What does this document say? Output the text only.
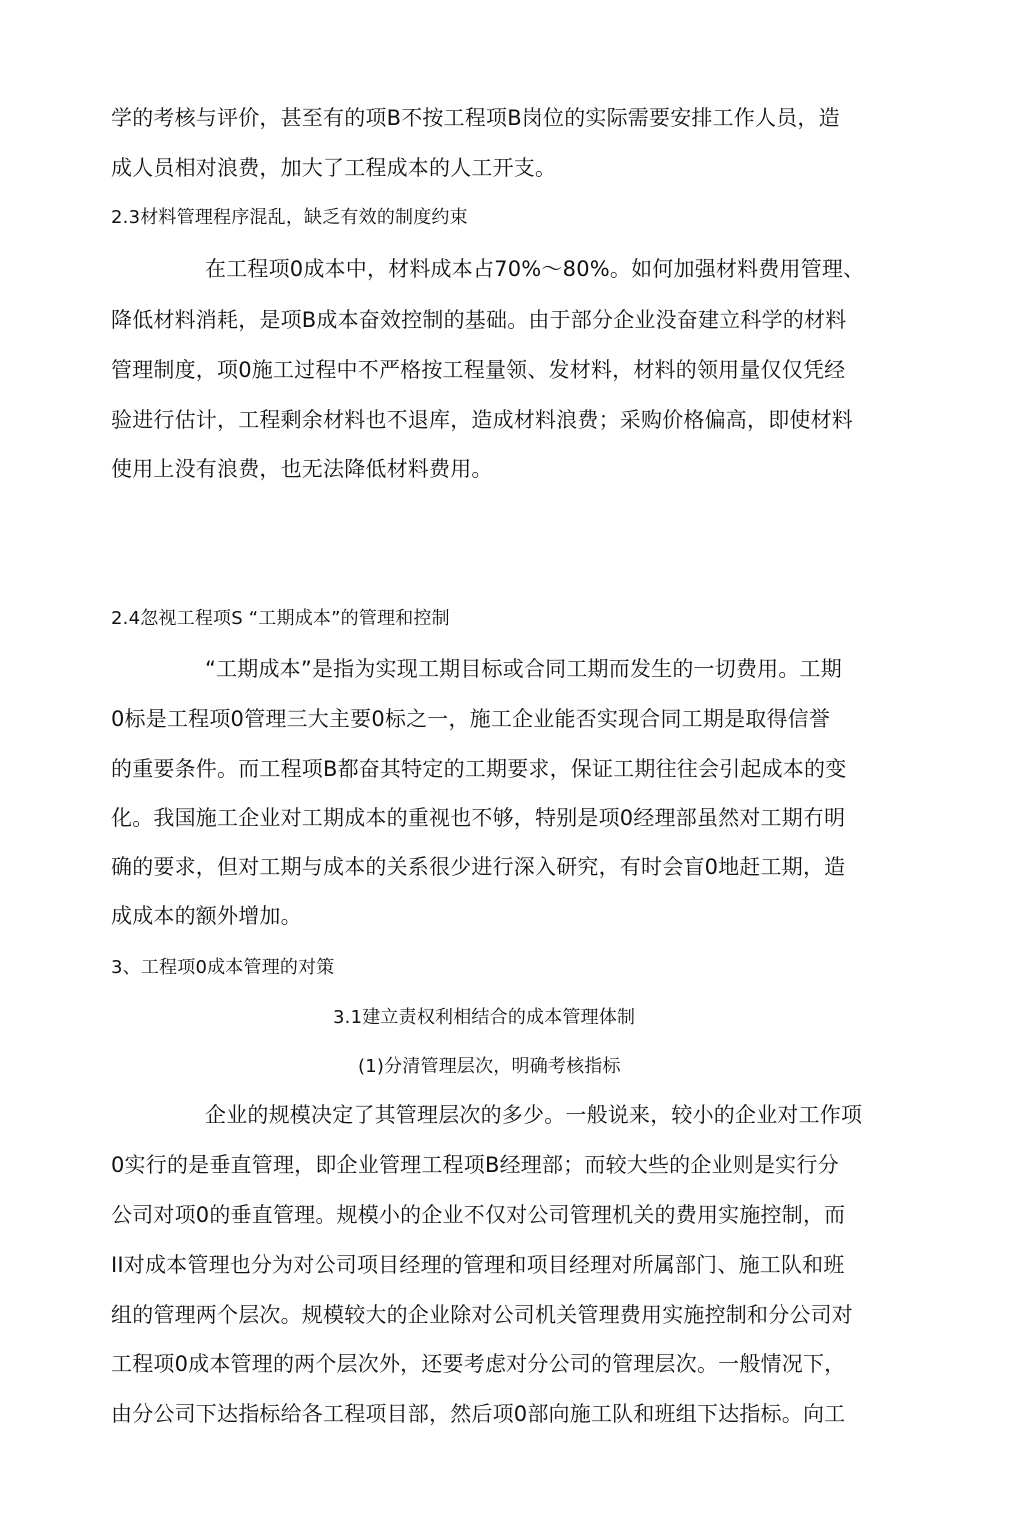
学的考核与评价，甚至有的项B不按工程项B岗位的实际需要安排工作人员，造
成人员相对浪费，加大了工程成本的人工开支。
2.3材料管理程序混乱，缺乏有效的制度约束
在工程项0成本中，材料成本占70%～80%。如何加强材料费用管理、
降低材料消耗，是项B成本奋效控制的基础。由于部分企业没奋建立科学的材料
管理制度，项0施工过程中不严格按工程量领、发材料，材料的领用量仅仅凭经
验进行估计，工程剩余材料也不退库，造成材料浪费；采购价格偏高，即使材料
使用上没有浪费，也无法降低材料费用。
2.4忽视工程项S “工期成本”的管理和控制
“工期成本”是指为实现工期目标或合同工期而发生的一切费用。工期
0标是工程项0管理三大主要0标之一，施工企业能否实现合同工期是取得信誉
的重要条件。而工程项B都奋其特定的工期要求，保证工期往往会引起成本的变
化。我国施工企业对工期成本的重视也不够，特别是项0经理部虽然对工期冇明
确的要求，但对工期与成本的关系很少进行深入研究，有时会盲0地赶工期，造
成成本的额外增加。
3、工程项0成本管理的对策
3.1建立责权利相结合的成本管理体制
(1)分清管理层次，明确考核指标
企业的规模决定了其管理层次的多少。一般说来，较小的企业对工作项
0实行的是垂直管理，即企业管理工程项B经理部；而较大些的企业则是实行分
公司对项0的垂直管理。规模小的企业不仅对公司管理机关的费用实施控制，而
II对成本管理也分为对公司项目经理的管理和项目经理对所属部门、施工队和班
组的管理两个层次。规模较大的企业除对公司机关管理费用实施控制和分公司对
工程项0成本管理的两个层次外，还要考虑对分公司的管理层次。一般情况下，
由分公司下达指标给各工程项目部，然后项0部向施工队和班组下达指标。向工
